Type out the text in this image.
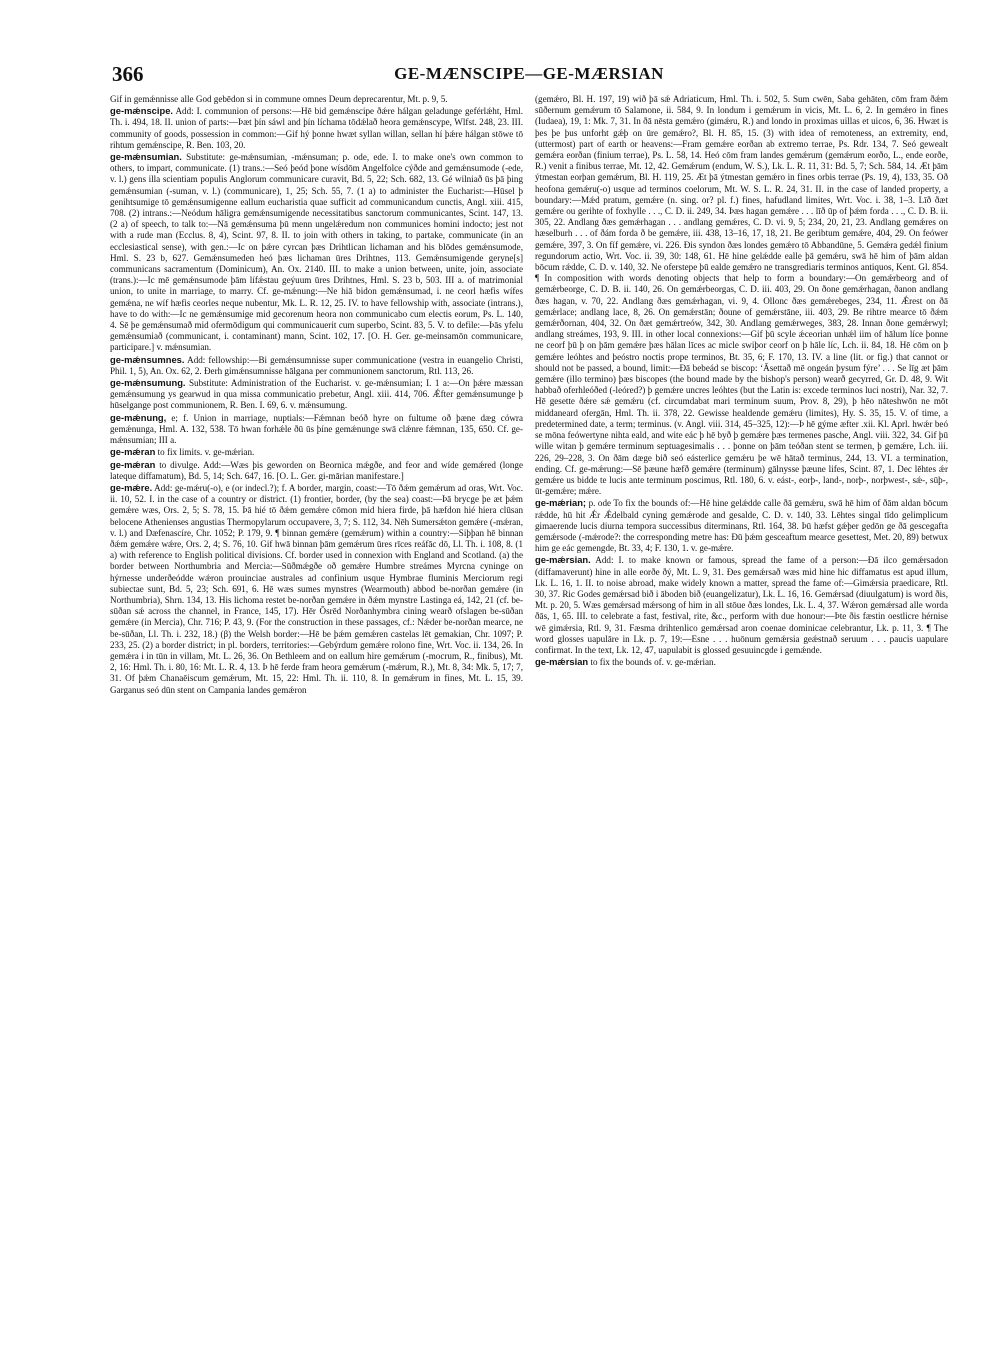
366	GE-MÆNSCIPE—GE-MÆRSIAN

Gif in gemǽnnisse alle God gebēdon si in commune omnes Deum deprecarentur, Mt. p. 9, 5.

ge-mǽnscipe. Add: I. communion of persons:—Hē bid gemǽnscipe ðǽre hálgan geladunge geférlǽht, Hml. Th. i. 494, 18. II. union of parts:—Þæt þín sáwl and þín líchama tōdǽlað heora gemǽnscype, Wlfst. 248, 23. III. community of goods, possession in common:—Gif hý þonne hwæt syllan willan, sellan hí þǽre hálgan stōwe tō rihtum gemǽnscipe, R. Ben. 103, 20.

ge-mǽnsumian. Substitute: ge-mǽnsumian, -mǽnsuman; p. ode, ede. I. to make one's own common to others, to impart, communicate. (1) trans.:—Seó þeód þone wísdōm Angelfolce cýðde and gemǽnsumode (-ede, v. l.) gens illa scientiam populis Anglorum communicare curavit, Bd. 5, 22; Sch. 682, 13. Gé wilniað ūs þā þing gemǽnsumian (-suman, v. l.) (communicare), 1, 25; Sch. 55, 7. (1 a) to administer the Eucharist:—Hūsel þ genihtsumige tō gemǽnsumigenne eallum eucharistia quae sufficit ad communicandum cunctis, Angl. xiii. 415, 708. (2) intrans.:—Neódum hāligra gemǽnsumigende necessitatibus sanctorum communicantes, Scint. 147, 13. (2 a) of speech, to talk to:—Nā gemǽnsuma þū menn ungelǽredum non communices homini indocto; jest not with a rude man (Ecclus. 8, 4), Scint. 97, 8. II. to join with others in taking, to partake, communicate (in an ecclesiastical sense), with gen.:—Ic on þǽre cyrcan þæs Drihtlican lichaman and his blōdes gemǽnsumode, Hml. S. 23 b, 627. Gemǽnsumeden heó þæs lichaman ūres Drihtnes, 113. Gemǽnsumigende geryne[s] communicans sacramentum (Dominicum), An. Ox. 2140. III. to make a union between, unite, join, associate (trans.):—Ic mē gemǽnsumode þām lífǽstau geýuum ūres Drihtnes, Hml. S. 23 b, 503. III a. of matrimonial union, to unite in marriage, to marry. Cf. ge-mǽnung:—Ne hiā bidon gemǽnsumad, i. ne ceorl hæfis wífes gemǽna, ne wíf hæfis ceorles neque nubentur, Mk. L. R. 12, 25. IV. to have fellowship with, associate (intrans.), have to do with:—Ic ne gemǽnsumige mid gecorenum heora non communicabo cum electis eorum, Ps. L. 140, 4. Sē þe gemǽnsumað mid ofermōdigum qui communicauerit cum superbo, Scint. 83, 5. V. to defile:—Þās yfelu gemǽnsumiað (communicant, i. contaminant) mann, Scint. 102, 17. [O. H. Ger. ge-meinsamōn communicare, participare.] v. mǽnsumian.

ge-mǽnsumnes. Add: fellowship:—Bi gemǽnsumnisse super communicatione (vestra in euangelio Christi, Phil. 1, 5), An. Ox. 62, 2. Ðerh gimǽnsumnisse hālgana per communionem sanctorum, Rtl. 113, 26.

ge-mǽnsumung. Substitute: Administration of the Eucharist. v. ge-mǽnsumian; I. 1 a:—On þǽre mæssan gemǽnsumung ys gearwud in qua missa communicatio prebetur, Angl. xiii. 414, 706. Ǽfter gemǽnsumunge þ hūselgange post communionem, R. Ben. I. 69, 6. v. mǽnsumung.

ge-mǽnung, e; f. Union in marriage, nuptials:—Fǽmnan beóð hyre on fultume oð þæne dæg cówra gemǽnunga, Hml. A. 132, 538. Tō hwan forhǽle ðū ūs þíne gemǽnunge swā clǽnre fǽmnan, 135, 650. Cf. ge-mǽnsumian; III a.

ge-mǽran to fix limits. v. ge-mǽrian.

ge-mǽran to divulge. Add:—Wæs þis geworden on Beornica mǽgðe, and feor and wíde gemǽred (longe lateque diffamatum), Bd. 5, 14; Sch. 647, 16. [O. L. Ger. gi-mārian manifestare.]

ge-mǽre. Add: ge-mǽru(-o), e (or indecl.?); f. A border, margin, coast:—Tō ðǽm gemǽrum ad oras, Wrt. Voc. ii. 10, 52. I. in the case of a country or district. (1) frontier, border, (by the sea) coast:—Þā brycge þe æt þǽm gemǽre wæs, Ors. 2, 5; S. 78, 15. Þā hié tō ðǽm gemǽre cōmon mid hiera firde, þā hæfdon hié hiera clūsan belocene Athenienses angustias Thermopylarum occupavere, 3, 7; S. 112, 34. Nēh Sumersǽton gemǽre (-mǽran, v. l.) and Dæfenascíre, Chr. 1052; P. 179, 9. ¶ binnan gemǽre (gemǽrum) within a country:—Siþþan hē binnan ðǽm gemǽre wǽre, Ors. 2, 4; S. 76, 10. Gif hwā binnan þām gemǽrum ūres rīces reáfāc dō, Ll. Th. i. 108, 8. (1 a) with reference to English political divisions. Cf. border used in connexion with England and Scotland. (a) the border between Northumbria and Mercia:—Sūðmǽgðe oð gemǽre Humbre streámes Myrcna cyninge on hýrnesse underðeódde wǽron prouinciae australes ad confinium usque Hymbrae fluminis Merciorum regi subiectae sunt, Bd. 5, 23; Sch. 691, 6. Hē wæs sumes mynstres (Wearmouth) abbod be-norðan gemǽre (in Northumbria), Shrn. 134, 13. His lichoma restet be-norðan gemǽre in ðǽm mynstre Lastinga eá, 142, 21 (cf. be-sūðan sǽ across the channel, in France, 145, 17). Hēr Ōsrēd Norðanhymbra cining wearð ofslagen be-sūðan gemǽre (in Mercia), Chr. 716; P. 43, 9. (For the construction in these passages, cf.: Nǽder be-norðan mearce, ne be-sūðan, Ll. Th. i. 232, 18.) (β) the Welsh border:—Hē be þǽm gemǽren castelas lēt gemakian, Chr. 1097; P. 233, 25. (2) a border district; in pl. borders, territories:—Gebýrdum gemǽre rolono fine, Wrt. Voc. ii. 134, 26. In gemǽra i in tūn in villam, Mt. L. 26, 36. On Bethleem and on eallum hire gemǽrum (-mocrum, R., finibus), Mt. 2, 16: Hml. Th. i. 80, 16: Mt. L. R. 4, 13. Þ hē ferde fram heora gemǽrum (-mǽrum, R.), Mt. 8, 34: Mk. 5, 17; 7, 31. Of þǽm Chanaēiscum gemǽrum, Mt. 15, 22: Hml. Th. ii. 110, 8. In gemǽrum in fines, Mt. L. 15, 39. Garganus seó dūn stent on Campania landes gemǽron

(gemǽro, Bl. H. 197, 19) wið þā sǽ Adriaticum, Hml. Th. i. 502, 5. Sum cwēn, Saba gehāten, cōm fram ðǽm sūðernum gemǽrum tō Salamone, ii. 584, 9. In londum i gemǽrum in vicis, Mt. L. 6, 2. In gemǽro in fines (Iudaea), 19, 1: Mk. 7, 31. In ðā nēsta gemǽro (gimǽru, R.) and londo in proximas uillas et uicos, 6, 36. Hwæt is þes þe þus unforht gǽþ on ūre gemǽro?, Bl. H. 85, 15. (3) with idea of remoteness, an extremity, end, (uttermost) part of earth or heavens:—Fram gemǽre eorðan ab extremo terrae, Ps. Rdr. 134, 7. Seó gewealt gemǽra eorðan (finium terrae), Ps. L. 58, 14. Heó cōm fram landes gemǽrum (gemǽrum eorðo, L., ende eorðe, R.) venit a finibus terrae, Mt. 12, 42. Gemǽrum (endum, W. S.), Lk. L. R. 11, 31: Bd. 5, 7; Sch. 584, 14. Æt þām ýtmestan eorþan gemǽrum, Bl. H. 119, 25. Æt þā ýtmestan gemǽro in fines orbis terrae (Ps. 19, 4), 133, 35. Oð heofona gemǽru(-o) usque ad terminos coelorum, Mt. W. S. L. R. 24, 31. II. in the case of landed property, a boundary:—Mǽd pratum, gemǽre (n. sing. or? pl. f.) fines, hafudland limites, Wrt. Voc. i. 38, 1–3. Līð ðæt gemǽre ou gerihte of foxhylle . . ., C. D. ii. 249, 34. Þæs hagan gemǽre . . . līð ūp of þǽm forda . . ., C. D. B. ii. 305, 22. Andlang ðæs gemǽrhagan . . . andlang gemǽres, C. D. vi. 9, 5; 234, 20, 21, 23. Andlang gemǽres on hæselburh . . . of ðám forda ð be gemǽre, iii. 438, 13–16, 17, 18, 21. Be geribtum gemǽre, 404, 29. On feówer gemǽre, 397, 3. On fíf gemǽre, vi. 226. Ðis syndon ðæs londes gemǽro tō Abbandūne, 5. Gemǽra gedǽl finium regundorum actio, Wrt. Voc. ii. 39, 30: 148, 61. Hē hine gelǽdde ealle þā gemǽru, swā hē him of þām aldan bōcum rǽdde, C. D. v. 140, 32. Ne oferstepe þū ealde gemǽro ne transgrediaris terminos antiquos, Kent. Gl. 854. ¶ In composition with words denoting objects that help to form a boundary:—On gemǽrbeorg and of gemǽrbeorge, C. D. B. ii. 140, 26. On gemǽrbeorgas, C. D. iii. 403, 29. On ðone gemǽrhagan, ðanon andlang ðæs hagan, v. 70, 22. Andlang ðæs gemǽrhagan, vi. 9, 4. Ollonc ðæs gemǽrebeges, 234, 11. Ǽrest on ðā gemǽrlace; andlang lace, 8, 26. On gemǽrstān; ðoune of gemǽrstāne, iii. 403, 29. Be rihtre mearce tō ðǽm gemǽrðornan, 404, 32. On ðæt gemǽrtreów, 342, 30. Andlang gemǽrweges, 383, 28. Innan ðone gemǽrwyl; andlang streámes, 193, 9. III. in other local connexions:—Gif þū scyle ǽceorian unhǽl iim of hālum líce þonne ne ceorf þū þ on þām gemǽre þæs hālan līces ac micle swiþor ceorf on þ hāle líc, Lch. ii. 84, 18. Hē cōm on þ gemǽre leóhtes and þeóstro noctis prope terminos, Bt. 35, 6; F. 170, 13. IV. a line (lit. or fig.) that cannot or should not be passed, a bound, limit:—Ðā bebeád se biscop: ‘Āsettað mē ongeán þysum fýre’ . . . Se līg æt þām gemǽre (illo termino) þæs biscopes (the bound made by the bishop's person) wearð gecyrred, Gr. D. 48, 9. Wit habbað oferhleóðed (-leóred?) þ gemǽre uncres leóhtes (but the Latin is: excede terminos luci nostri), Nar. 32, 7. Hē gesette ðǽre sǽ gemǽru (cf. circumdabat mari terminum suum, Prov. 8, 29), þ hēo nāteshwōn ne mōt middaneard ofergān, Hml. Th. ii. 378, 22. Gewisse healdende gemǽru (limites), Hy. S. 35, 15. V. of time, a predetermined date, a term; terminus. (v. Angl. viii. 314, 45–325, 12):—Þ hē gýme æfter .xii. Kl. Aprl. hwǽr beó se mōna feówertyne nihta eald, and wite eác þ hē byð þ gemǽre þæs termenes pasche, Angl. viii. 322, 34. Gif þū wille witan þ gemǽre terminum septuagesimalis . . . þonne on þām teóðan stent se termen, þ gemǽre, Lch. iii. 226, 29–228, 3. On ðām dæge bið seó eásterlice gemǽru þe wē hātað terminus, 244, 13. VI. a termination, ending. Cf. ge-mǽrung:—Sē þæune hæfð gemǽre (terminum) gālnysse þæune lifes, Scint. 87, 1. Dec lēhtes ǽr gemǽre us bidde te lucis ante terminum poscimus, Rtl. 180, 6. v. eást-, eorþ-, land-, norþ-, norþwest-, sǽ-, sūþ-, ūt-gemǽre; mǽre.

ge-mǽrian; p. ode To fix the bounds of:—Hē hine gelǽdde calle ðā gemǽru, swā hē him of ðām aldan bōcum rǽdde, hū hit Ǽr Ǽdelbald cyning gemǽrode and gesalde, C. D. v. 140, 33. Lēhtes singal tīdo gelimplicum gimaerende lucis diurna tempora successibus diterminans, Rtl. 164, 38. Þū hæfst gǽþer gedōn ge ðā gescegafta gemǽrsode (-mǽrode?: the corresponding metre has: Ðū þǽm gesceaftum mearce gesettest, Met. 20, 89) betwux him ge eác gemengde, Bt. 33, 4; F. 130, 1. v. ge-mǽre.

ge-mǽrsian. Add: I. to make known or famous, spread the fame of a person:—Ðā ilco gemǽrsadon (diffamaverunt) hine in alle eorðe ðý, Mt. L. 9, 31. Ðes gemǽrsað wæs mid hine hic diffamatus est apud illum, Lk. L. 16, 1. II. to noise abroad, make widely known a matter, spread the fame of:—Gimǽrsia praedicare, Rtl. 30, 37. Ric Godes gemǽrsad bið i āboden bið (euangelizatur), Lk. L. 16, 16. Gemǽrsad (diuulgatum) is word ðis, Mt. p. 20, 5. Wæs gemǽrsad mǽrsong of him in all stōue ðæs londes, Lk. L. 4, 37. Wǽron gemǽrsad alle worda ðās, 1, 65. III. to celebrate a fast, festival, rite, &c., perform with due honour:—Þte ðis fæstin oestlicre hérnise wē gimǽrsia, Rtl. 9, 31. Fæsma drihtenlico gemǽrsad aron coenae dominicae celebrantur, Lk. p. 11, 3. ¶ The word glosses uapulāre in Lk. p. 7, 19:—Esne . . . huōnum gemǽrsia geǽstnað seruum . . . paucis uapulare confirmat. In the text, Lk. 12, 47, uapulabit is glossed gesuuincgde i gemǽnde.

ge-mǽrsian to fix the bounds of. v. ge-mǽrian.
